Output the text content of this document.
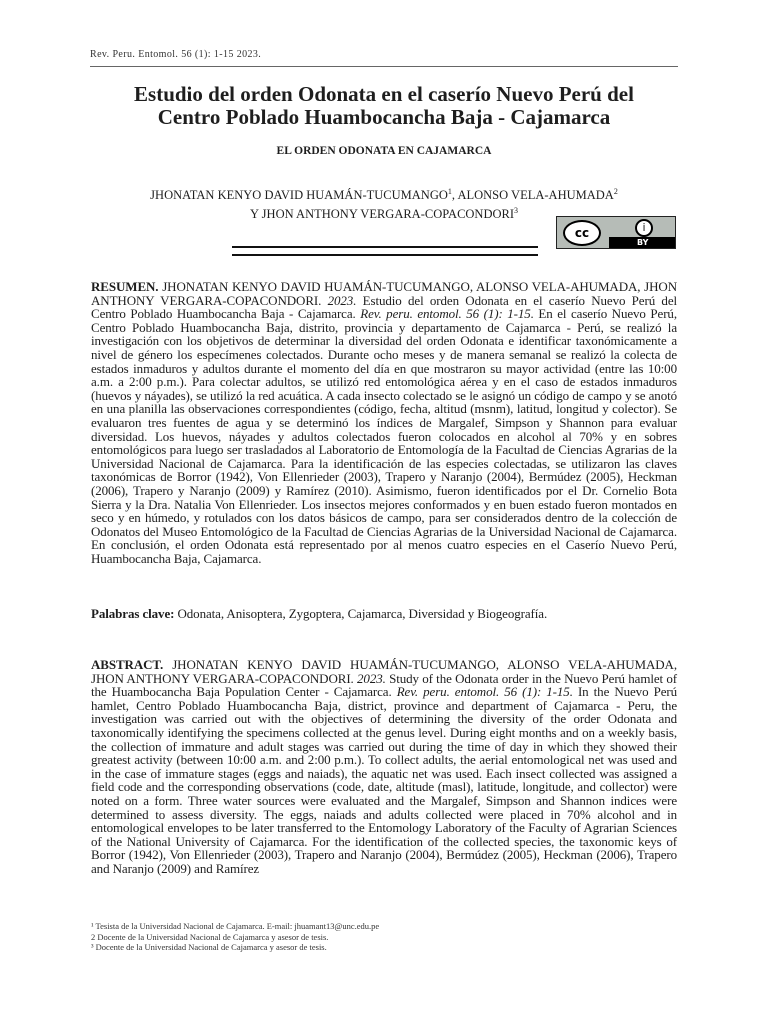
Rev. Peru. Entomol. 56 (1): 1-15 2023.
Estudio del orden Odonata en el caserío Nuevo Perú del
Centro Poblado Huambocancha Baja - Cajamarca
EL ORDEN ODONATA EN CAJAMARCA
JHONATAN KENYO DAVID HUAMÁN-TUCUMANGO$^1$, ALONSO VELA-AHUMADA$^2$
Y JHON ANTHONY VERGARA-COPACONDORI$^3$
cc	i
BY
RESUMEN. JHONATAN KENYO DAVID HUAMÁN-TUCUMANGO, ALONSO VELA-AHUMADA, JHON ANTHONY VERGARA-COPACONDORI. 2023. Estudio del orden Odonata en el caserío Nuevo Perú del Centro Poblado Huambocancha Baja - Cajamarca. Rev. peru. entomol. 56 (1): 1-15. En el caserío Nuevo Perú, Centro Poblado Huambocancha Baja, distrito, provincia y departamento de Cajamarca - Perú, se realizó la investigación con los objetivos de determinar la diversidad del orden Odonata e identificar taxonómicamente a nivel de género los especímenes colectados. Durante ocho meses y de manera semanal se realizó la colecta de estados inmaduros y adultos durante el momento del día en que mostraron su mayor actividad (entre las 10:00 a.m. a 2:00 p.m.). Para colectar adultos, se utilizó red entomológica aérea y en el caso de estados inmaduros (huevos y náyades), se utilizó la red acuática. A cada insecto colectado se le asignó un código de campo y se anotó en una planilla las observaciones correspondientes (código, fecha, altitud (msnm), latitud, longitud y colector). Se evaluaron tres fuentes de agua y se determinó los índices de Margalef, Simpson y Shannon para evaluar diversidad. Los huevos, náyades y adultos colectados fueron colocados en alcohol al 70% y en sobres entomológicos para luego ser trasladados al Laboratorio de Entomología de la Facultad de Ciencias Agrarias de la Universidad Nacional de Cajamarca. Para la identificación de las especies colectadas, se utilizaron las claves taxonómicas de Borror (1942), Von Ellenrieder (2003), Trapero y Naranjo (2004), Bermúdez (2005), Heckman (2006), Trapero y Naranjo (2009) y Ramírez (2010). Asimismo, fueron identificados por el Dr. Cornelio Bota Sierra y la Dra. Natalia Von Ellenrieder. Los insectos mejores conformados y en buen estado fueron montados en seco y en húmedo, y rotulados con los datos básicos de campo, para ser considerados dentro de la colección de Odonatos del Museo Entomológico de la Facultad de Ciencias Agrarias de la Universidad Nacional de Cajamarca. En conclusión, el orden Odonata está representado por al menos cuatro especies en el Caserío Nuevo Perú, Huambocancha Baja, Cajamarca.
Palabras clave: Odonata, Anisoptera, Zygoptera, Cajamarca, Diversidad y Biogeografía.
ABSTRACT. JHONATAN KENYO DAVID HUAMÁN-TUCUMANGO, ALONSO VELA-AHUMADA, JHON ANTHONY VERGARA-COPACONDORI. 2023. Study of the Odonata order in the Nuevo Perú hamlet of the Huambocancha Baja Population Center - Cajamarca. Rev. peru. entomol. 56 (1): 1-15. In the Nuevo Perú hamlet, Centro Poblado Huambocancha Baja, district, province and department of Cajamarca - Peru, the investigation was carried out with the objectives of determining the diversity of the order Odonata and taxonomically identifying the specimens collected at the genus level. During eight months and on a weekly basis, the collection of immature and adult stages was carried out during the time of day in which they showed their greatest activity (between 10:00 a.m. and 2:00 p.m.). To collect adults, the aerial entomological net was used and in the case of immature stages (eggs and naiads), the aquatic net was used. Each insect collected was assigned a field code and the corresponding observations (code, date, altitude (masl), latitude, longitude, and collector) were noted on a form. Three water sources were evaluated and the Margalef, Simpson and Shannon indices were determined to assess diversity. The eggs, naiads and adults collected were placed in 70% alcohol and in entomological envelopes to be later transferred to the Entomology Laboratory of the Faculty of Agrarian Sciences of the National University of Cajamarca. For the identification of the collected species, the taxonomic keys of Borror (1942), Von Ellenrieder (2003), Trapero and Naranjo (2004), Bermúdez (2005), Heckman (2006), Trapero and Naranjo (2009) and Ramírez
¹ Tesista de la Universidad Nacional de Cajamarca. E-mail: jhuamant13@unc.edu.pe
2 Docente de la Universidad Nacional de Cajamarca y asesor de tesis.
³ Docente de la Universidad Nacional de Cajamarca y asesor de tesis.
